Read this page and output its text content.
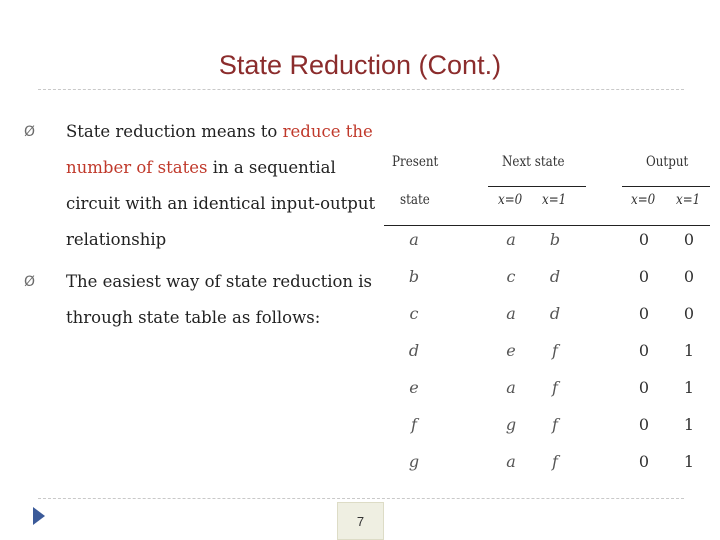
State Reduction (Cont.)
Ø State reduction means to reduce the number of states in a sequential circuit with an identical input-output relationship
Ø The easiest way of state reduction is through state table as follows:
Present	Next state	Output
state	x=0 x=1	x=0 x=1
a	a	b	0	0
b	c	d	0	0
c	a	d	0	0
d	e	f	0	1
e	a	f	0	1
f	g	f	0	1
g	a	f	0	1
7
